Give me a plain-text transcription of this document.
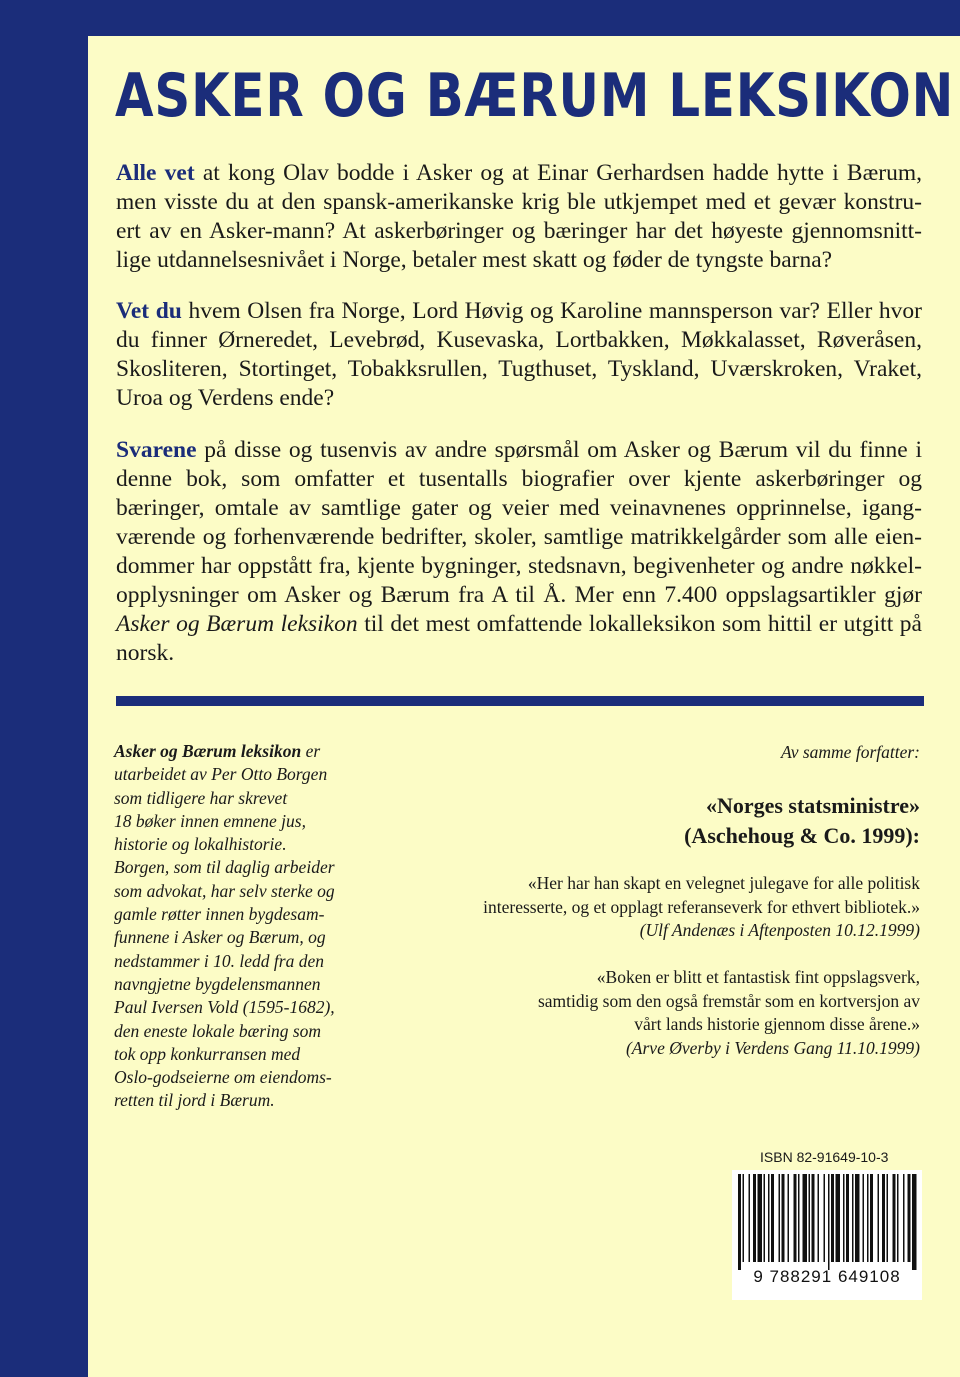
ASKER OG BÆRUM LEKSIKON

Alle vet at kong Olav bodde i Asker og at Einar Gerhardsen hadde hytte i Bærum, men visste du at den spansk-amerikanske krig ble utkjempet med et gevær konstru-ert av en Asker-mann? At askerbøringer og bæringer har det høyeste gjennomsnitt-lige utdannelsesnivået i Norge, betaler mest skatt og føder de tyngste barna?

Vet du hvem Olsen fra Norge, Lord Høvig og Karoline mannsperson var? Eller hvor du finner Ørneredet, Levebrød, Kusevaska, Lortbakken, Møkkalasset, Røveråsen, Skosliteren, Stortinget, Tobakksrullen, Tugthuset, Tyskland, Uværskroken, Vraket, Uroa og Verdens ende?

Svarene på disse og tusenvis av andre spørsmål om Asker og Bærum vil du finne i denne bok, som omfatter et tusentalls biografier over kjente askerbøringer og bæringer, omtale av samtlige gater og veier med veinavnenes opprinnelse, igang-værende og forhenværende bedrifter, skoler, samtlige matrikkelgårder som alle eien-dommer har oppstått fra, kjente bygninger, stedsnavn, begivenheter og andre nøkkel-opplysninger om Asker og Bærum fra A til Å. Mer enn 7.400 oppslagsartikler gjør Asker og Bærum leksikon til det mest omfattende lokalleksikon som hittil er utgitt på norsk.

Asker og Bærum leksikon er
utarbeidet av Per Otto Borgen
som tidligere har skrevet
18 bøker innen emnene jus,
historie og lokalhistorie.
Borgen, som til daglig arbeider
som advokat, har selv sterke og
gamle røtter innen bygdesam-
funnene i Asker og Bærum, og
nedstammer i 10. ledd fra den
navngjetne bygdelensmannen
Paul Iversen Vold (1595-1682),
den eneste lokale bæring som
tok opp konkurransen med
Oslo-godseierne om eiendoms-
retten til jord i Bærum.
Av samme forfatter:
«Norges statsministre»
(Aschehoug & Co. 1999):
«Her har han skapt en velegnet julegave for alle politisk
interesserte, og et opplagt referanseverk for ethvert bibliotek.»
(Ulf Andenæs i Aftenposten 10.12.1999)
«Boken er blitt et fantastisk fint oppslagsverk,
samtidig som den også fremstår som en kortversjon av
vårt lands historie gjennom disse årene.»
(Arve Øverby i Verdens Gang 11.10.1999)
ISBN 82-91649-10-3
9 788291 649108
